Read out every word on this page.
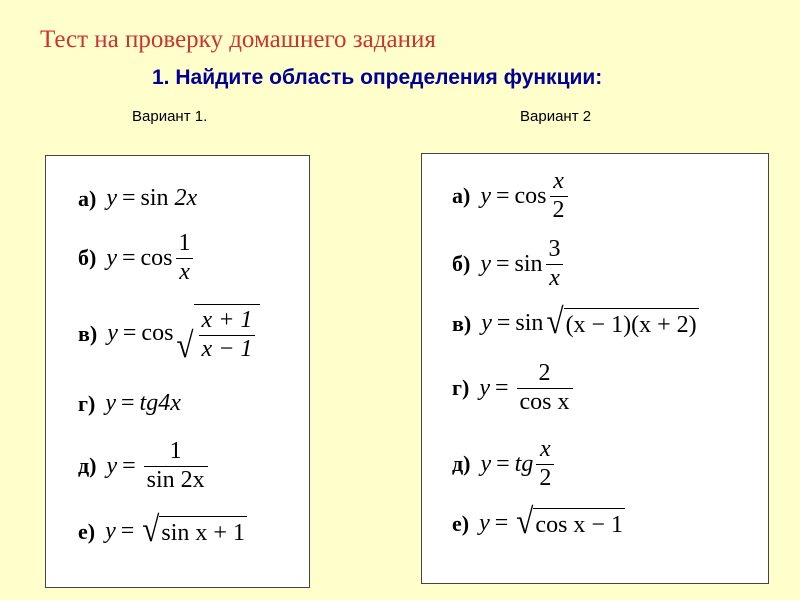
Тест на проверку домашнего задания
1. Найдите область определения функции:
Вариант 1.	Вариант 2
а) y = sin
2x
б) $y = \cos \frac{1}{x}$
в) y = cos √ $\frac{x + 1}{x - 1}$
г) y = tg 4x
д) $y = \frac{1}{\sin 2x}$
е) y = √ sin x + 1
а) $y = \cos \frac{x}{2}$
б) $y = \sin \frac{3}{x}$
в) y = sin √ (x − 1)(x + 2)
г) $y = \frac{2}{\text{cos x}}$
д) y = tg $\frac{x}{2}$
е) y = √ cos x − 1
